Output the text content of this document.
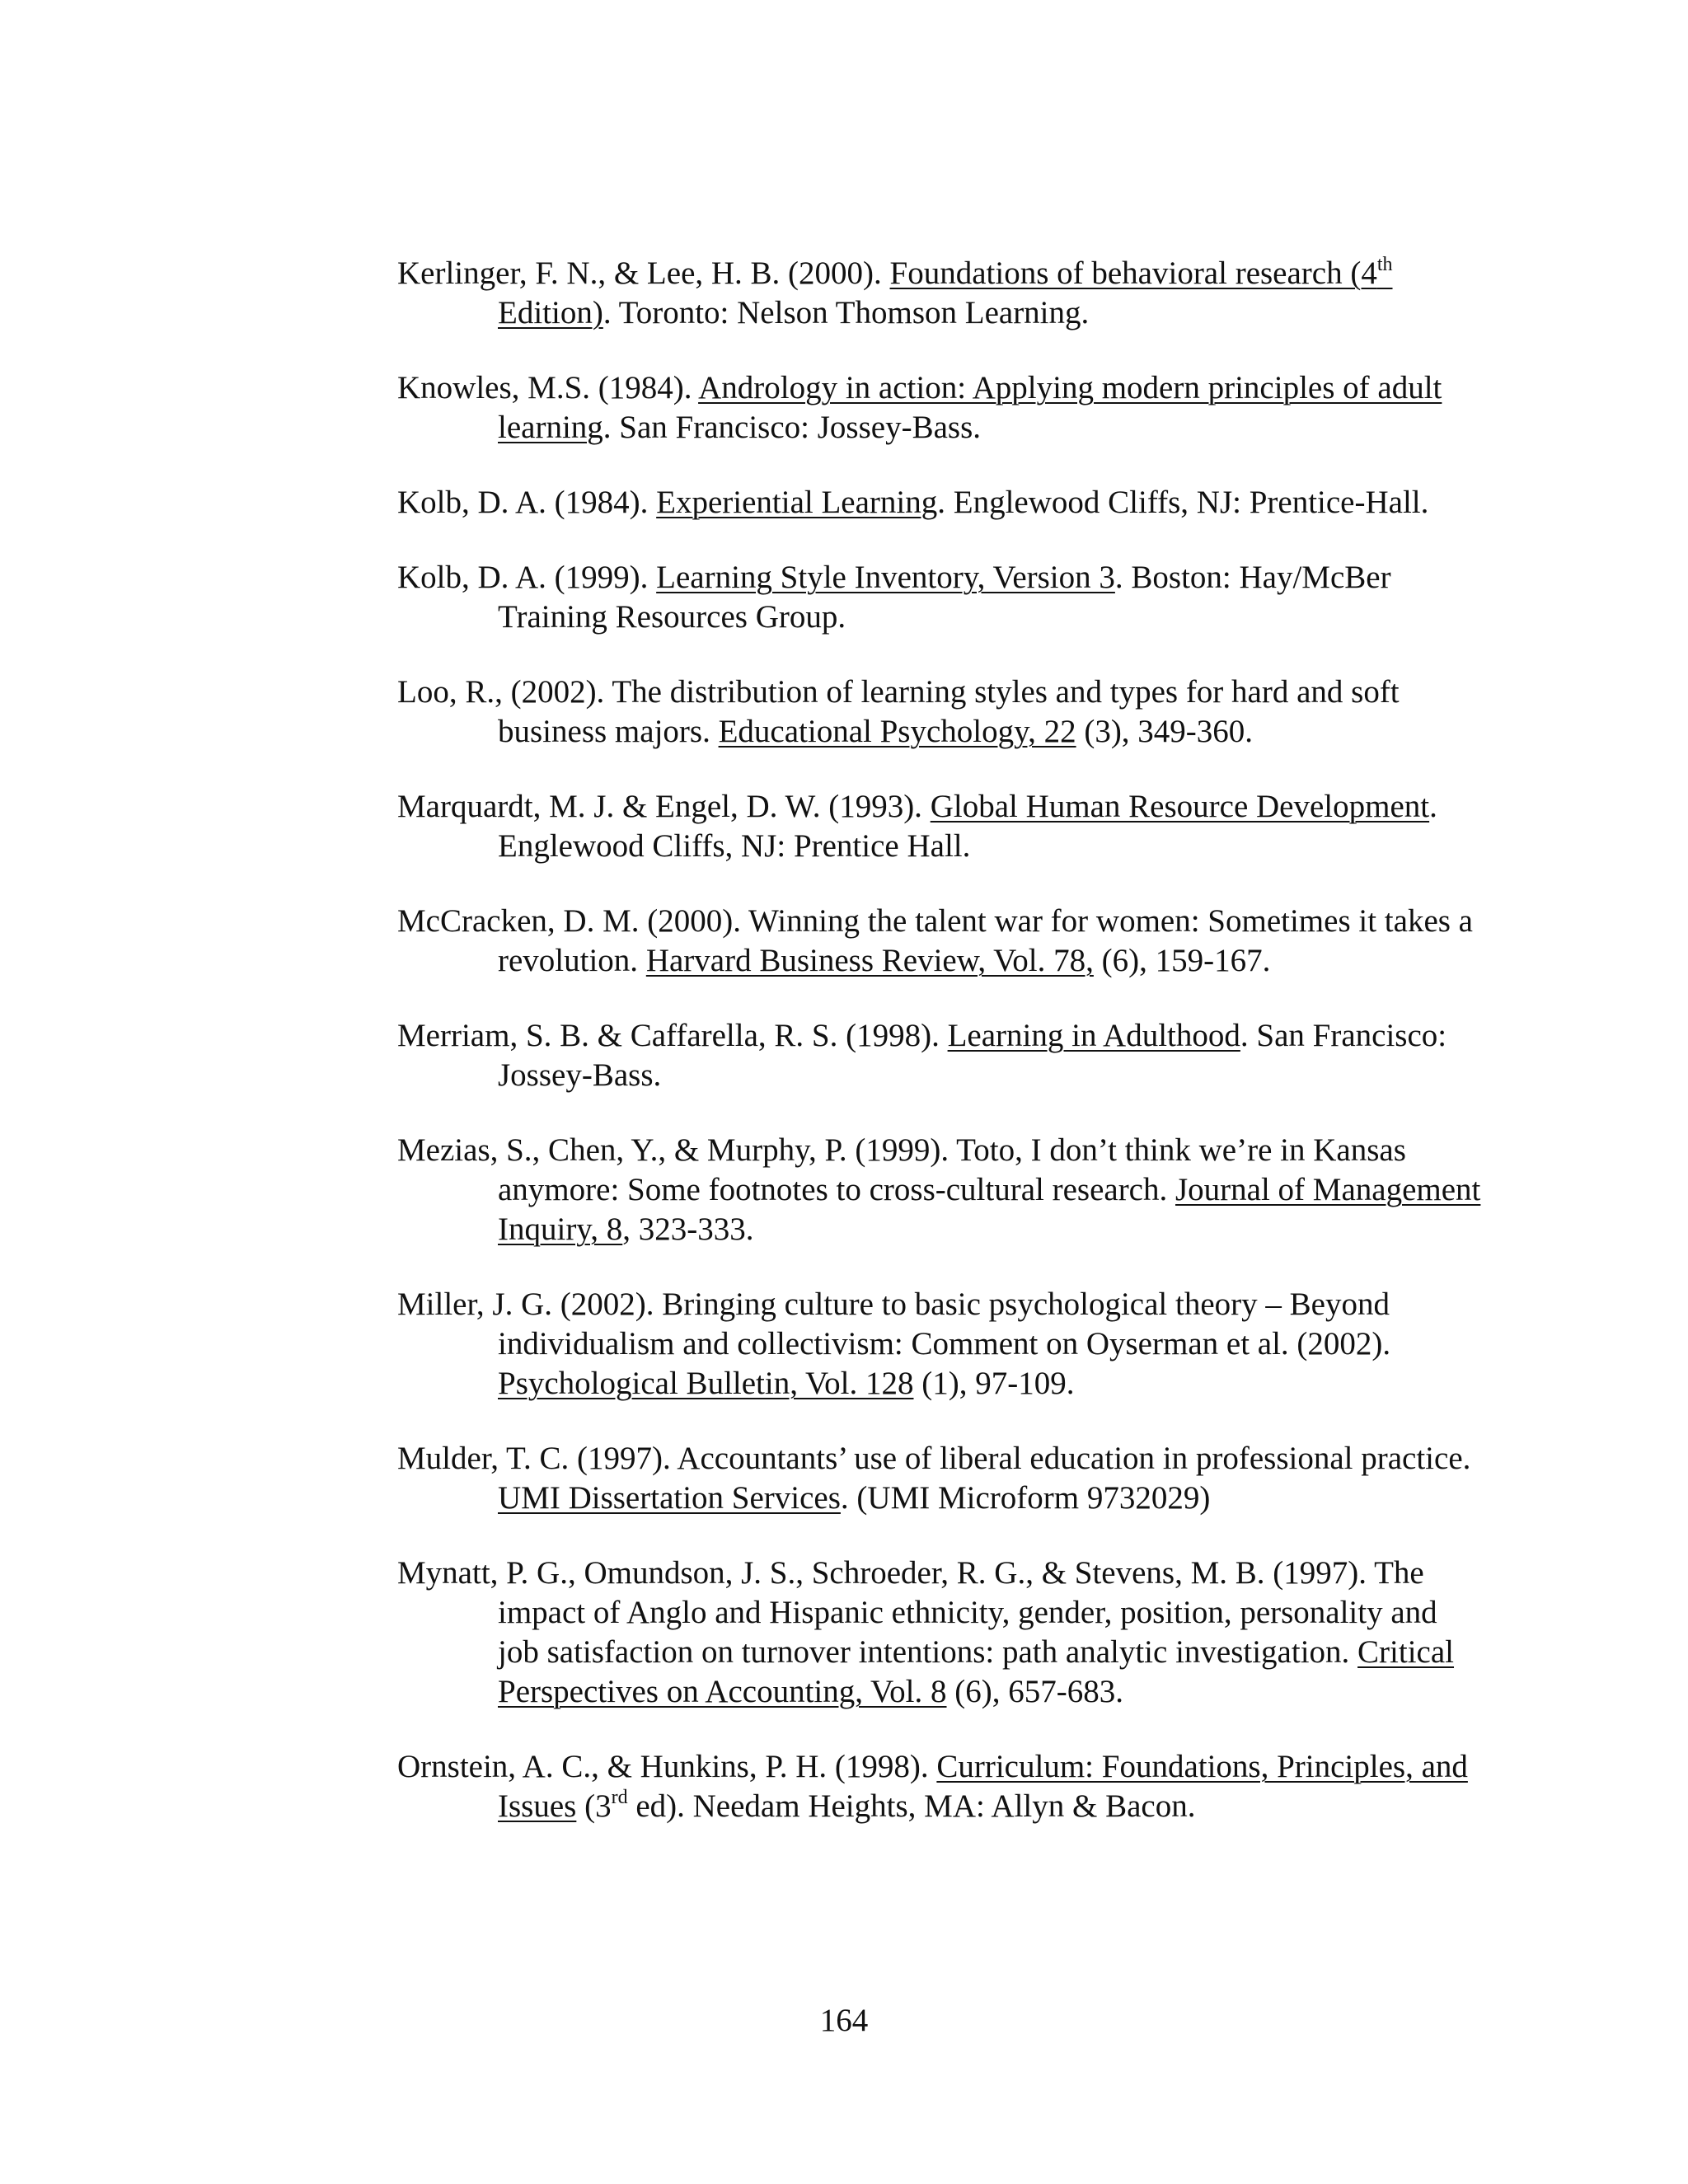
Kerlinger, F. N., & Lee, H. B. (2000). Foundations of behavioral research (4th Edition). Toronto: Nelson Thomson Learning.
Knowles, M.S. (1984). Andrology in action: Applying modern principles of adult learning. San Francisco: Jossey-Bass.
Kolb, D. A. (1984). Experiential Learning. Englewood Cliffs, NJ: Prentice-Hall.
Kolb, D. A. (1999). Learning Style Inventory, Version 3. Boston: Hay/McBer Training Resources Group.
Loo, R., (2002). The distribution of learning styles and types for hard and soft business majors. Educational Psychology, 22 (3), 349-360.
Marquardt, M. J. & Engel, D. W. (1993). Global Human Resource Development. Englewood Cliffs, NJ: Prentice Hall.
McCracken, D. M. (2000). Winning the talent war for women: Sometimes it takes a revolution. Harvard Business Review, Vol. 78, (6), 159-167.
Merriam, S. B. & Caffarella, R. S. (1998). Learning in Adulthood. San Francisco: Jossey-Bass.
Mezias, S., Chen, Y., & Murphy, P. (1999). Toto, I don’t think we’re in Kansas anymore: Some footnotes to cross-cultural research. Journal of Management Inquiry, 8, 323-333.
Miller, J. G. (2002). Bringing culture to basic psychological theory – Beyond individualism and collectivism: Comment on Oyserman et al. (2002). Psychological Bulletin, Vol. 128 (1), 97-109.
Mulder, T. C. (1997). Accountants’ use of liberal education in professional practice. UMI Dissertation Services. (UMI Microform 9732029)
Mynatt, P. G., Omundson, J. S., Schroeder, R. G., & Stevens, M. B. (1997). The impact of Anglo and Hispanic ethnicity, gender, position, personality and job satisfaction on turnover intentions: path analytic investigation. Critical Perspectives on Accounting, Vol. 8 (6), 657-683.
Ornstein, A. C., & Hunkins, P. H. (1998). Curriculum: Foundations, Principles, and Issues (3rd ed). Needam Heights, MA: Allyn & Bacon.
164
